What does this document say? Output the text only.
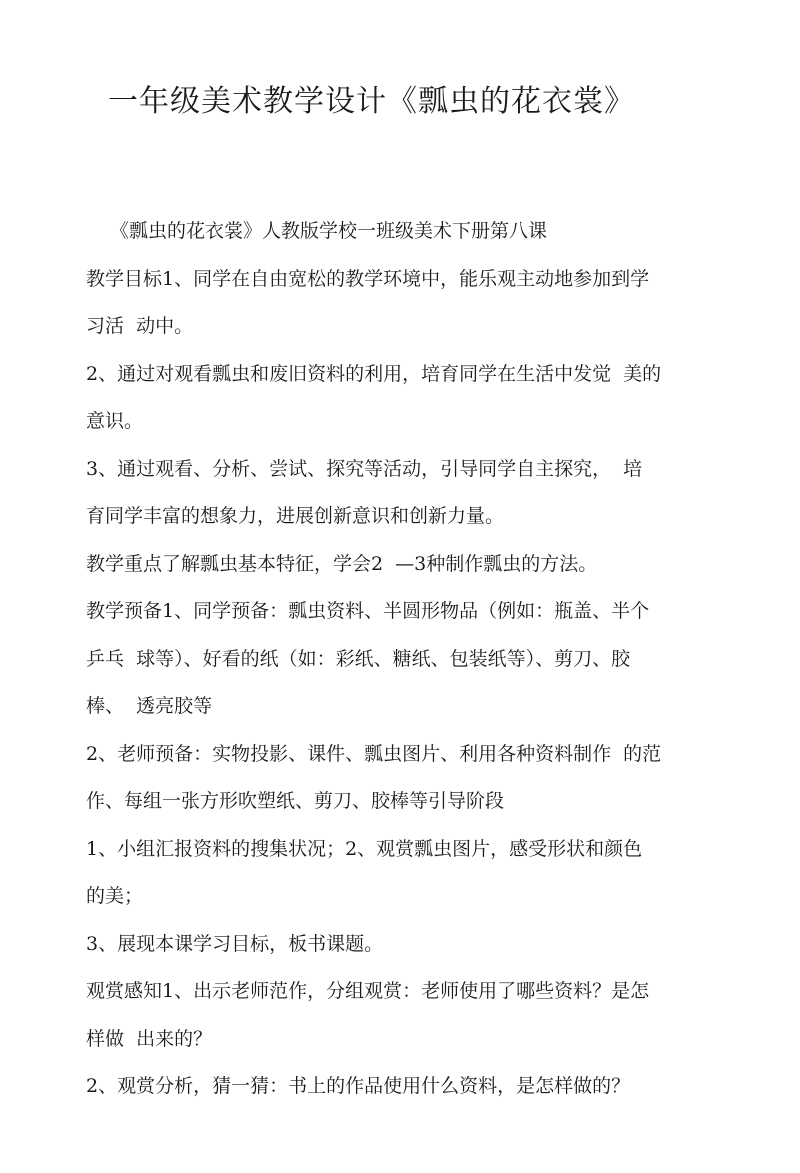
一年级美术教学设计《瓢虫的花衣裳》

《瓢虫的花衣裳》人教版学校一班级美术下册第八课

教学目标1、同学在自由宽松的教学环境中，能乐观主动地参加到学

习活  动中。

2、通过对观看瓢虫和废旧资料的利用，培育同学在生活中发觉  美的

意识。

3、通过观看、分析、尝试、探究等活动，引导同学自主探究，  培

育同学丰富的想象力，进展创新意识和创新力量。

教学重点了解瓢虫基本特征，学会2  —3种制作瓢虫的方法。

教学预备1、同学预备：瓢虫资料、半圆形物品（例如：瓶盖、半个

乒乓  球等）、好看的纸（如：彩纸、糖纸、包装纸等）、剪刀、胶

棒、  透亮胶等

2、老师预备：实物投影、课件、瓢虫图片、利用各种资料制作  的范

作、每组一张方形吹塑纸、剪刀、胶棒等引导阶段

1、小组汇报资料的搜集状况；2、观赏瓢虫图片，感受形状和颜色

的美；

3、展现本课学习目标，板书课题。

观赏感知1、出示老师范作，分组观赏：老师使用了哪些资料？是怎

样做  出来的？

2、观赏分析，猜一猜：书上的作品使用什么资料，是怎样做的？
